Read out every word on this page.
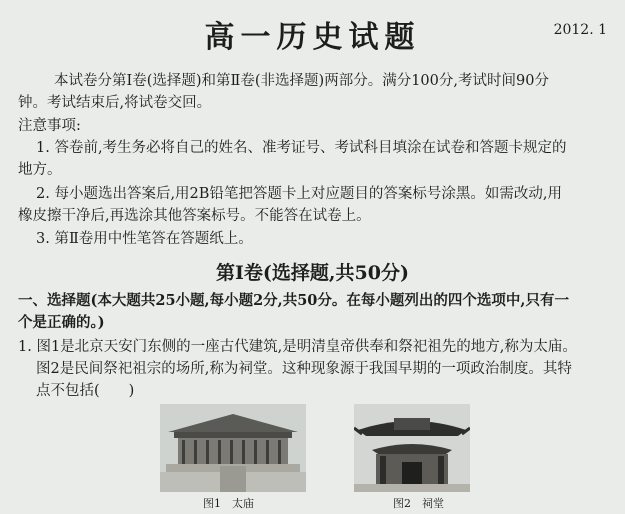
高一历史试题	2012. 1
本试卷分第Ⅰ卷(选择题)和第Ⅱ卷(非选择题)两部分。满分100分,考试时间90分
钟。考试结束后,将试卷交回。
注意事项:
1. 答卷前,考生务必将自己的姓名、准考证号、考试科目填涂在试卷和答题卡规定的
地方。
2. 每小题选出答案后,用2B铅笔把答题卡上对应题目的答案标号涂黑。如需改动,用
橡皮擦干净后,再选涂其他答案标号。不能答在试卷上。
3. 第Ⅱ卷用中性笔答在答题纸上。
第Ⅰ卷(选择题,共50分)
一、选择题(本大题共25小题,每小题2分,共50分。在每小题列出的四个选项中,只有一
个是正确的。)
1. 图1是北京天安门东侧的一座古代建筑,是明清皇帝供奉和祭祀祖先的地方,称为太庙。
图2是民间祭祀祖宗的场所,称为祠堂。这种现象源于我国早期的一项政治制度。其特
点不包括(　　)
图1　太庙	图2　祠堂
